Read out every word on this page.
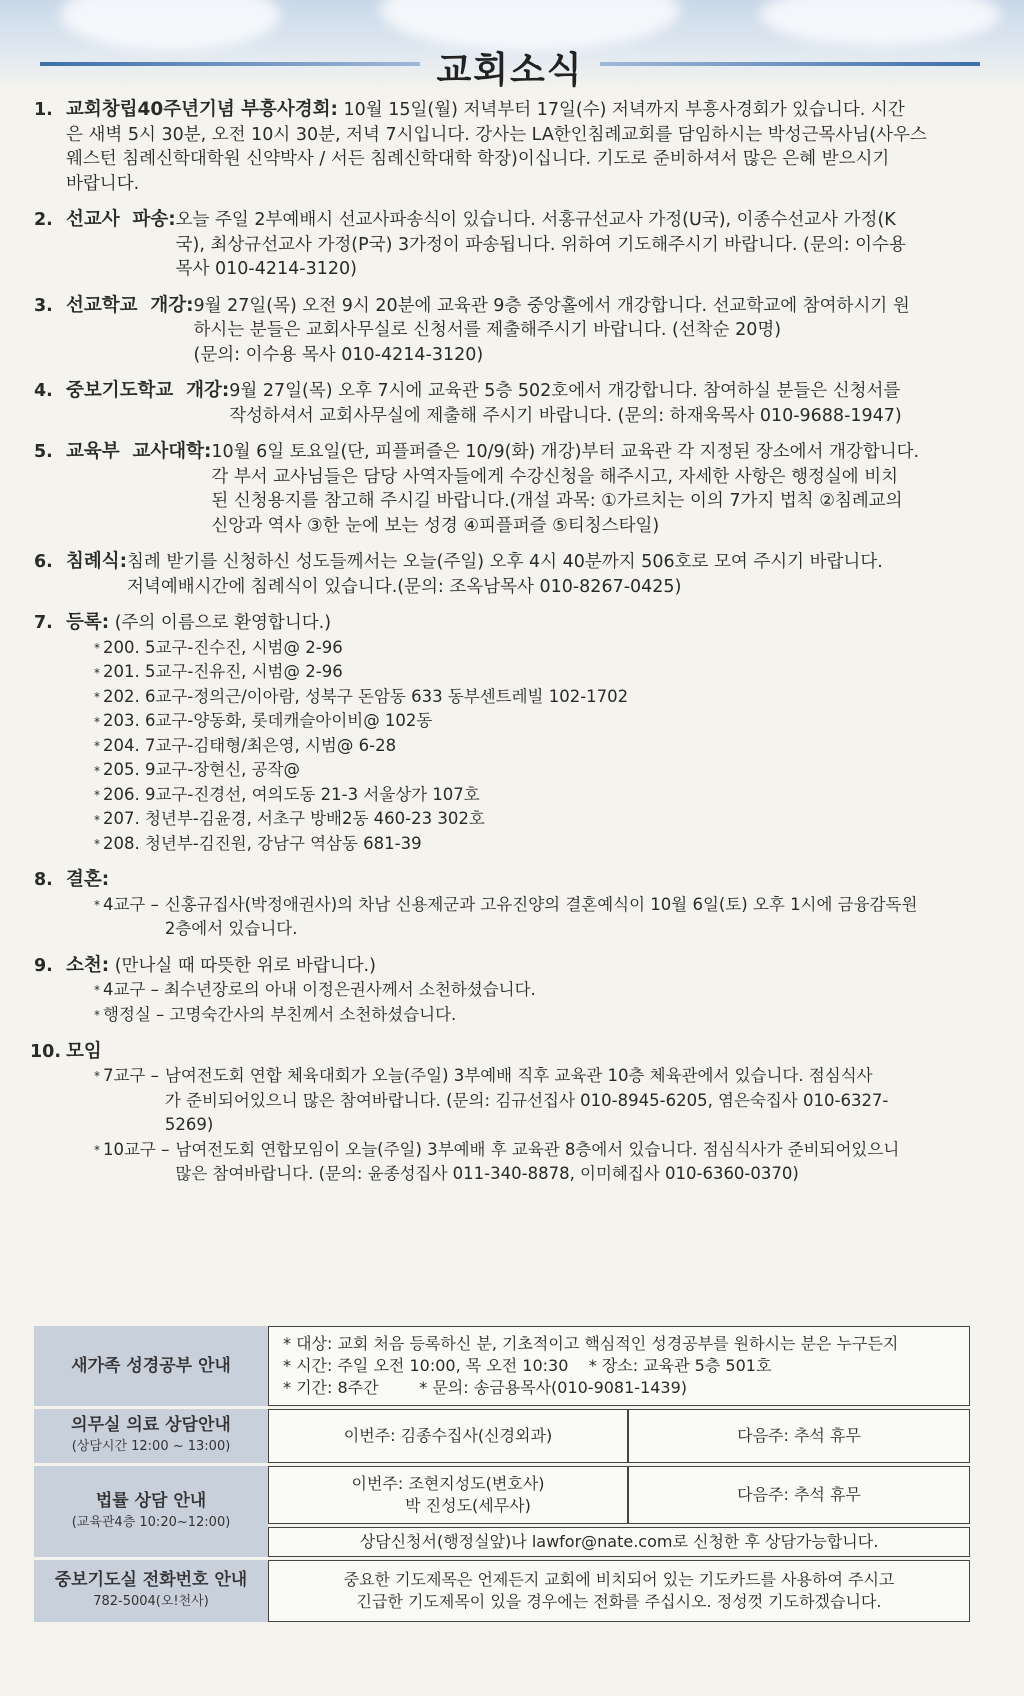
교회소식
1. 교회창립40주년기념 부흥사경회: 10월 15일(월) 저녁부터 17일(수) 저녁까지 부흥사경회가 있습니다. 시간
은 새벽 5시 30분, 오전 10시 30분, 저녁 7시입니다. 강사는 LA한인침례교회를 담임하시는 박성근목사님(사우스
웨스턴 침례신학대학원 신약박사 / 서든 침례신학대학 학장)이십니다. 기도로 준비하셔서 많은 은혜 받으시기
바랍니다.
2. 선교사  파송: 오늘 주일 2부예배시 선교사파송식이 있습니다. 서홍규선교사 가정(U국), 이종수선교사 가정(K
국), 최상규선교사 가정(P국) 3가정이 파송됩니다. 위하여 기도해주시기 바랍니다. (문의: 이수용
목사 010-4214-3120)
3. 선교학교  개강: 9월 27일(목) 오전 9시 20분에 교육관 9층 중앙홀에서 개강합니다. 선교학교에 참여하시기 원
하시는 분들은 교회사무실로 신청서를 제출해주시기 바랍니다. (선착순 20명)
(문의: 이수용 목사 010-4214-3120)
4. 중보기도학교  개강: 9월 27일(목) 오후 7시에 교육관 5층 502호에서 개강합니다. 참여하실 분들은 신청서를
작성하셔서 교회사무실에 제출해 주시기 바랍니다. (문의: 하재욱목사 010-9688-1947)
5. 교육부  교사대학: 10월 6일 토요일(단, 피플퍼즐은 10/9(화) 개강)부터 교육관 각 지정된 장소에서 개강합니다.
각 부서 교사님들은 담당 사역자들에게 수강신청을 해주시고, 자세한 사항은 행정실에 비치
된 신청용지를 참고해 주시길 바랍니다.(개설 과목: ①가르치는 이의 7가지 법칙 ②침례교의
신앙과 역사 ③한 눈에 보는 성경 ④피플퍼즐 ⑤티칭스타일)
6. 침례식: 침례 받기를 신청하신 성도들께서는 오늘(주일) 오후 4시 40분까지 506호로 모여 주시기 바랍니다.
저녁예배시간에 침례식이 있습니다.(문의: 조옥남목사 010-8267-0425)
7. 등록: (주의 이름으로 환영합니다.)
* 200. 5교구-진수진, 시범@ 2-96
* 201. 5교구-진유진, 시범@ 2-96
* 202. 6교구-정의근/이아람, 성북구 돈암동 633 동부센트레빌 102-1702
* 203. 6교구-양동화, 롯데캐슬아이비@ 102동
* 204. 7교구-김태형/최은영, 시범@ 6-28
* 205. 9교구-장현신, 공작@
* 206. 9교구-진경선, 여의도동 21-3 서울상가 107호
* 207. 청년부-김윤경, 서초구 방배2동 460-23 302호
* 208. 청년부-김진원, 강남구 역삼동 681-39
8. 결혼:
* 4교구 – 신홍규집사(박정애권사)의 차남 신용제군과 고유진양의 결혼예식이 10월 6일(토) 오후 1시에 금융감독원
2층에서 있습니다.
9. 소천: (만나실 때 따뜻한 위로 바랍니다.)
* 4교구 – 최수년장로의 아내 이정은권사께서 소천하셨습니다.
* 행정실 – 고명숙간사의 부친께서 소천하셨습니다.
10. 모임
* 7교구 – 남여전도회 연합 체육대회가 오늘(주일) 3부예배 직후 교육관 10층 체육관에서 있습니다. 점심식사
가 준비되어있으니 많은 참여바랍니다. (문의: 김규선집사 010-8945-6205, 염은숙집사 010-6327-
5269)
* 10교구 – 남여전도회 연합모임이 오늘(주일) 3부예배 후 교육관 8층에서 있습니다. 점심식사가 준비되어있으니
많은 참여바랍니다. (문의: 윤종성집사 011-340-8878, 이미혜집사 010-6360-0370)
새가족 성경공부 안내	* 대상: 교회 처음 등록하신 분, 기초적이고 핵심적인 성경공부를 원하시는 분은 누구든지
* 시간: 주일 오전 10:00, 목 오전 10:30 * 장소: 교육관 5층 501호
* 기간: 8주간 * 문의: 송금용목사(010-9081-1439)	

의무실 의료 상담안내
(상담시간 12:00 ~ 13:00)	이번주: 김종수집사(신경외과)	다음주: 추석 휴무
법률 상담 안내
(교육관4층 10:20~12:00)	이번주: 조현지성도(변호사)
박 진성도(세무사)	다음주: 추석 휴무
	상담신청서(행정실앞)나 lawfor@nate.com로 신청한 후 상담가능합니다.	
중보기도실 전화번호 안내
782-5004(오!천사)	중요한 기도제목은 언제든지 교회에 비치되어 있는 기도카드를 사용하여 주시고
긴급한 기도제목이 있을 경우에는 전화를 주십시오. 정성껏 기도하겠습니다.	
